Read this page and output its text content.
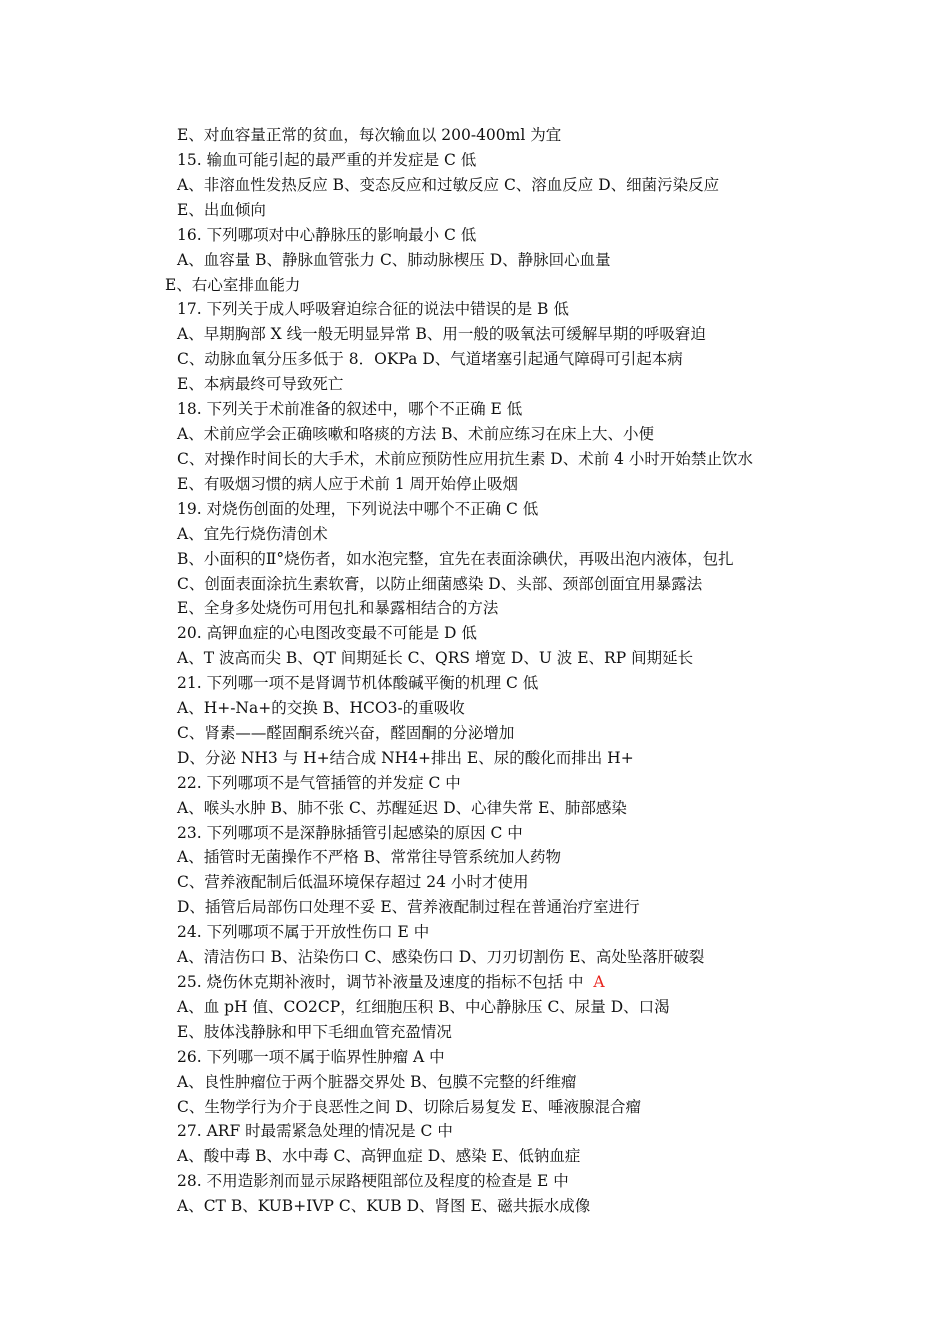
E、对血容量正常的贫血，每次输血以 200-400ml 为宜
15. 输血可能引起的最严重的并发症是 C 低
A、非溶血性发热反应 B、变态反应和过敏反应 C、溶血反应 D、细菌污染反应
E、出血倾向
16. 下列哪项对中心静脉压的影响最小 C 低
A、血容量 B、静脉血管张力 C、肺动脉楔压 D、静脉回心血量
E、右心室排血能力
17. 下列关于成人呼吸窘迫综合征的说法中错误的是 B 低
A、早期胸部 X 线一般无明显异常 B、用一般的吸氧法可缓解早期的呼吸窘迫
C、动脉血氧分压多低于 8．OKPa D、气道堵塞引起通气障碍可引起本病
E、本病最终可导致死亡
18. 下列关于术前准备的叙述中，哪个不正确 E 低
A、术前应学会正确咳嗽和咯痰的方法 B、术前应练习在床上大、小便
C、对操作时间长的大手术，术前应预防性应用抗生素 D、术前 4 小时开始禁止饮水
E、有吸烟习惯的病人应于术前 1 周开始停止吸烟
19. 对烧伤创面的处理，下列说法中哪个不正确 C 低
A、宜先行烧伤清创术
B、小面积的Ⅱ°烧伤者，如水泡完整，宜先在表面涂碘伏，再吸出泡内液体，包扎
C、创面表面涂抗生素软膏，以防止细菌感染 D、头部、颈部创面宜用暴露法
E、全身多处烧伤可用包扎和暴露相结合的方法
20. 高钾血症的心电图改变最不可能是 D 低
A、T 波高而尖 B、QT 间期延长 C、QRS 增宽 D、U 波 E、RP 间期延长
21. 下列哪一项不是肾调节机体酸碱平衡的机理 C 低
A、H+-Na+的交换 B、HCO3-的重吸收
C、肾素——醛固酮系统兴奋，醛固酮的分泌增加
D、分泌 NH3 与 H+结合成 NH4+排出 E、尿的酸化而排出 H+
22. 下列哪项不是气管插管的并发症 C 中
A、喉头水肿 B、肺不张 C、苏醒延迟 D、心律失常 E、肺部感染
23. 下列哪项不是深静脉插管引起感染的原因 C 中
A、插管时无菌操作不严格 B、常常往导管系统加人药物
C、营养液配制后低温环境保存超过 24 小时才使用
D、插管后局部伤口处理不妥 E、营养液配制过程在普通治疗室进行
24. 下列哪项不属于开放性伤口 E 中
A、清洁伤口 B、沾染伤口 C、感染伤口 D、刀刃切割伤 E、高处坠落肝破裂
25. 烧伤休克期补液时，调节补液量及速度的指标不包括 中 A
A、血 pH 值、CO2CP，红细胞压积 B、中心静脉压 C、尿量 D、口渴
E、肢体浅静脉和甲下毛细血管充盈情况
26. 下列哪一项不属于临界性肿瘤 A 中
A、良性肿瘤位于两个脏器交界处 B、包膜不完整的纤维瘤
C、生物学行为介于良恶性之间 D、切除后易复发 E、唾液腺混合瘤
27. ARF 时最需紧急处理的情况是 C 中
A、酸中毒 B、水中毒 C、高钾血症 D、感染 E、低钠血症
28. 不用造影剂而显示尿路梗阻部位及程度的检查是 E 中
A、CT B、KUB+IVP C、KUB D、肾图 E、磁共振水成像
